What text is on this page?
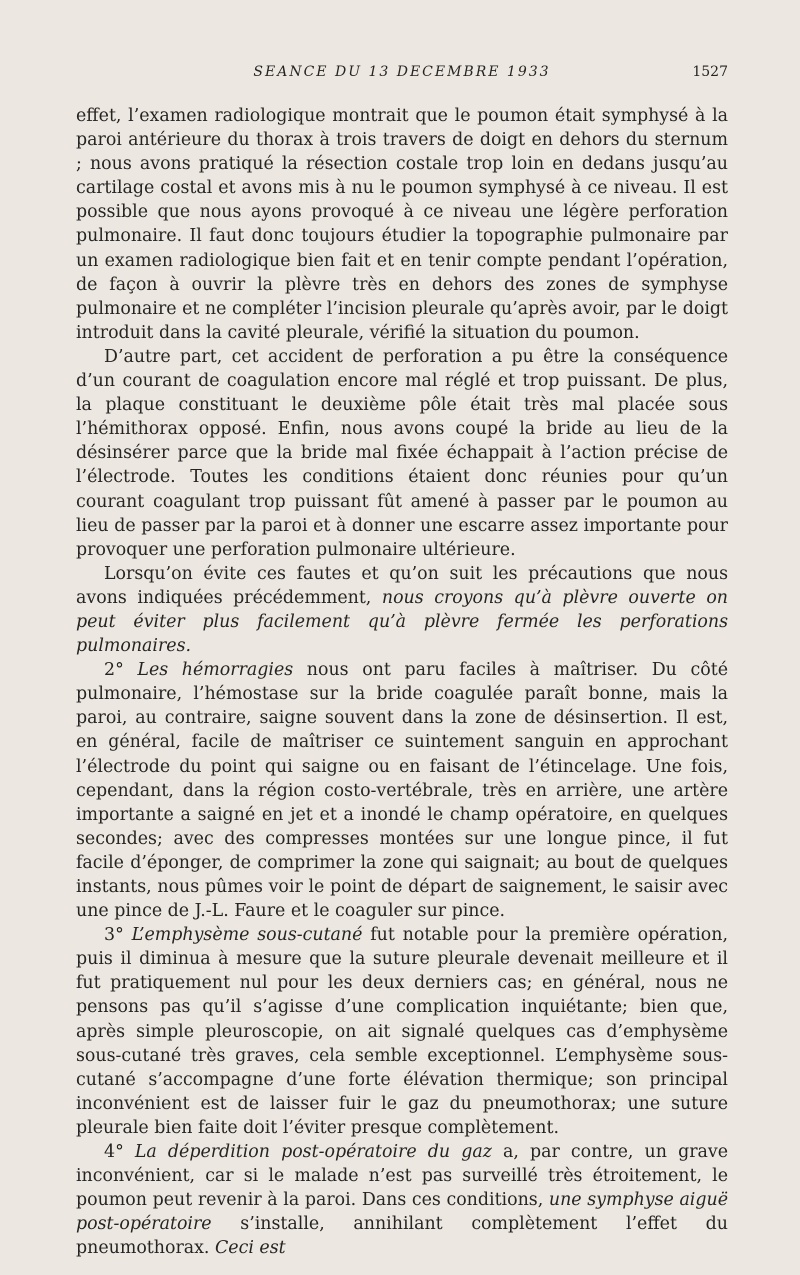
SEANCE DU 13 DECEMBRE 1933	1527

effet, l’examen radiologique montrait que le poumon était symphysé à la paroi antérieure du thorax à trois travers de doigt en dehors du sternum ; nous avons pratiqué la résection costale trop loin en dedans jusqu’au cartilage costal et avons mis à nu le poumon symphysé à ce niveau. Il est possible que nous ayons provoqué à ce niveau une légère perforation pulmonaire. Il faut donc toujours étudier la topographie pulmonaire par un examen radiologique bien fait et en tenir compte pendant l’opération, de façon à ouvrir la plèvre très en dehors des zones de symphyse pulmonaire et ne compléter l’incision pleurale qu’après avoir, par le doigt introduit dans la cavité pleurale, vérifié la situation du poumon.

D’autre part, cet accident de perforation a pu être la conséquence d’un courant de coagulation encore mal réglé et trop puissant. De plus, la plaque constituant le deuxième pôle était très mal placée sous l’hémithorax opposé. Enfin, nous avons coupé la bride au lieu de la désinsérer parce que la bride mal fixée échappait à l’action précise de l’électrode. Toutes les conditions étaient donc réunies pour qu’un courant coagulant trop puissant fût amené à passer par le poumon au lieu de passer par la paroi et à donner une escarre assez importante pour provoquer une perforation pulmonaire ultérieure.

Lorsqu’on évite ces fautes et qu’on suit les précautions que nous avons indiquées précédemment, nous croyons qu’à plèvre ouverte on peut éviter plus facilement qu’à plèvre fermée les perforations pulmonaires.

2° Les hémorragies nous ont paru faciles à maîtriser. Du côté pulmonaire, l’hémostase sur la bride coagulée paraît bonne, mais la paroi, au contraire, saigne souvent dans la zone de désinsertion. Il est, en général, facile de maîtriser ce suintement sanguin en approchant l’électrode du point qui saigne ou en faisant de l’étincelage. Une fois, cependant, dans la région costo-vertébrale, très en arrière, une artère importante a saigné en jet et a inondé le champ opératoire, en quelques secondes; avec des compresses montées sur une longue pince, il fut facile d’éponger, de comprimer la zone qui saignait; au bout de quelques instants, nous pûmes voir le point de départ de saignement, le saisir avec une pince de J.-L. Faure et le coaguler sur pince.

3° L’emphysème sous-cutané fut notable pour la première opération, puis il diminua à mesure que la suture pleurale devenait meilleure et il fut pratiquement nul pour les deux derniers cas; en général, nous ne pensons pas qu’il s’agisse d’une complication inquiétante; bien que, après simple pleuroscopie, on ait signalé quelques cas d’emphysème sous-cutané très graves, cela semble exceptionnel. L’emphysème sous-cutané s’accompagne d’une forte élévation thermique; son principal inconvénient est de laisser fuir le gaz du pneumothorax; une suture pleurale bien faite doit l’éviter presque complètement.

4° La déperdition post-opératoire du gaz a, par contre, un grave inconvénient, car si le malade n’est pas surveillé très étroitement, le poumon peut revenir à la paroi. Dans ces conditions, une symphyse aiguë post-opératoire s’installe, annihilant complètement l’effet du pneumothorax. Ceci est
